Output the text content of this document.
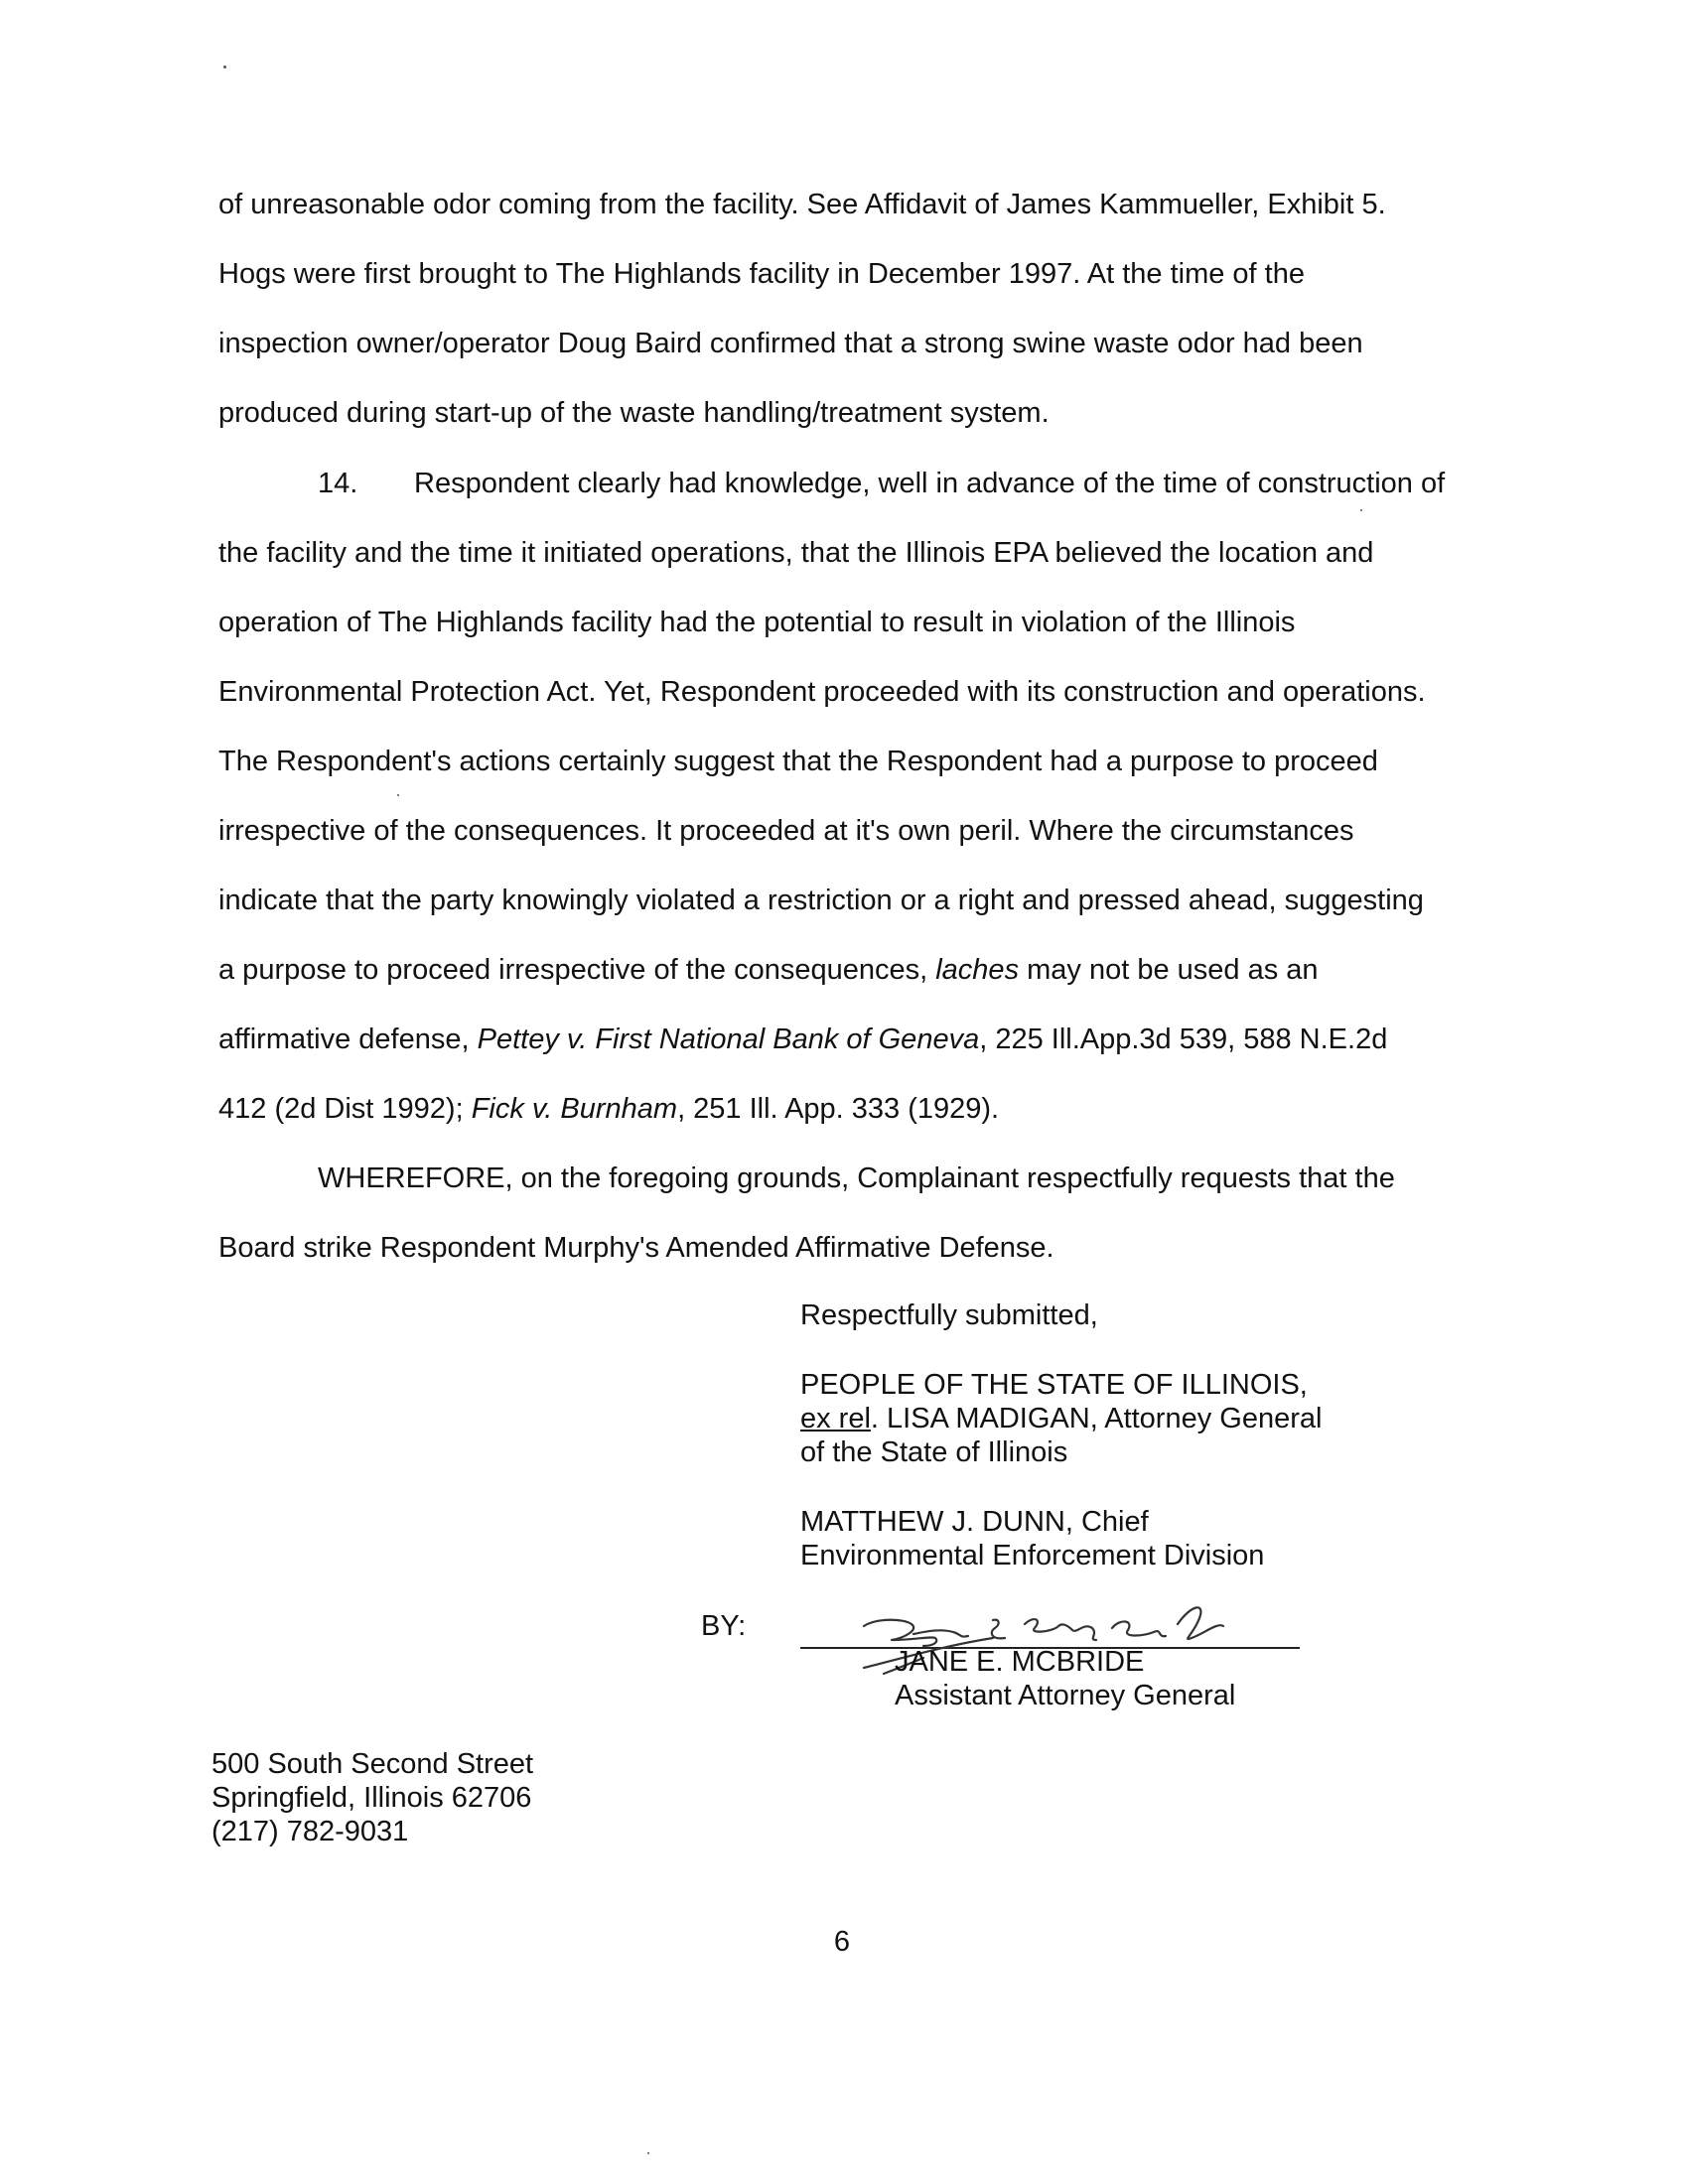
of unreasonable odor coming from the facility. See Affidavit of James Kammueller, Exhibit 5.
Hogs were first brought to The Highlands facility in December 1997. At the time of the
inspection owner/operator Doug Baird confirmed that a strong swine waste odor had been
produced during start-up of the waste handling/treatment system.
14. Respondent clearly had knowledge, well in advance of the time of construction of
the facility and the time it initiated operations, that the Illinois EPA believed the location and
operation of The Highlands facility had the potential to result in violation of the Illinois
Environmental Protection Act. Yet, Respondent proceeded with its construction and operations.
The Respondent's actions certainly suggest that the Respondent had a purpose to proceed
irrespective of the consequences. It proceeded at it's own peril. Where the circumstances
indicate that the party knowingly violated a restriction or a right and pressed ahead, suggesting
a purpose to proceed irrespective of the consequences, laches may not be used as an
affirmative defense, Pettey v. First National Bank of Geneva, 225 Ill.App.3d 539, 588 N.E.2d
412 (2d Dist 1992); Fick v. Burnham, 251 Ill. App. 333 (1929).
WHEREFORE, on the foregoing grounds, Complainant respectfully requests that the
Board strike Respondent Murphy's Amended Affirmative Defense.
Respectfully submitted,
PEOPLE OF THE STATE OF ILLINOIS,
ex rel. LISA MADIGAN, Attorney General
of the State of Illinois
MATTHEW J. DUNN, Chief
Environmental Enforcement Division
BY:
JANE E. MCBRIDE
Assistant Attorney General
500 South Second Street
Springfield, Illinois 62706
(217) 782-9031
6
